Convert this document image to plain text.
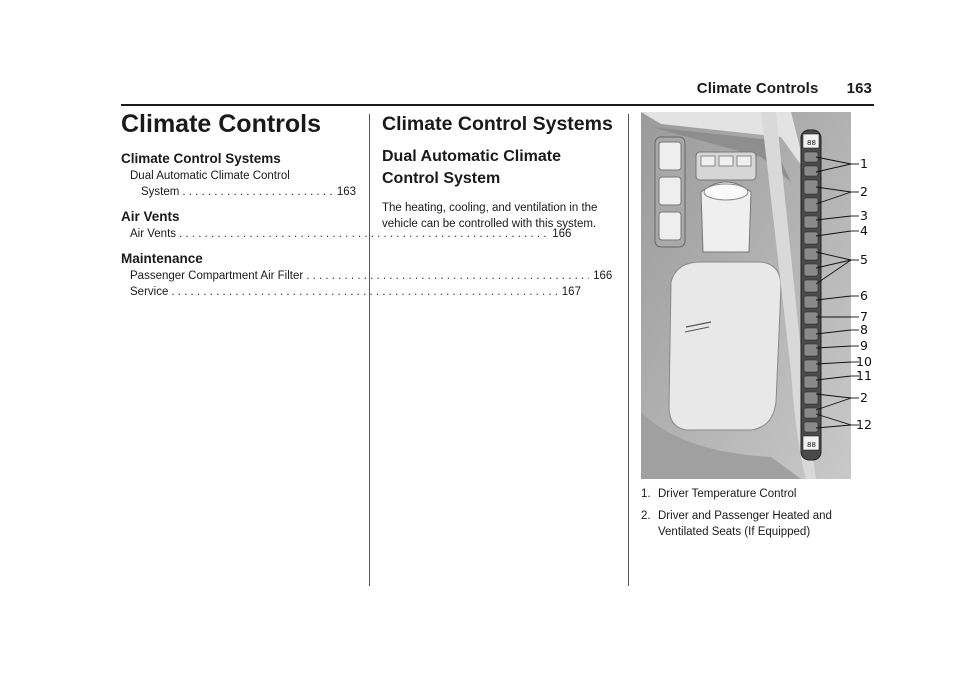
Climate Controls 163
Climate Controls
Climate Control Systems
Dual Automatic Climate Control
System . . .	163
Air Vents
Air Vents . . .	166
Maintenance
Passenger Compartment Air Filter . . .	166
Service . . .	167
Climate Control Systems
Dual Automatic Climate Control System
The heating, cooling, and ventilation in the vehicle can be controlled with this system.
88
88
1
2
3
4
5
6
7
8
9
10
11
2
12
1. Driver Temperature Control
2. Driver and Passenger Heated and Ventilated Seats (If Equipped)
